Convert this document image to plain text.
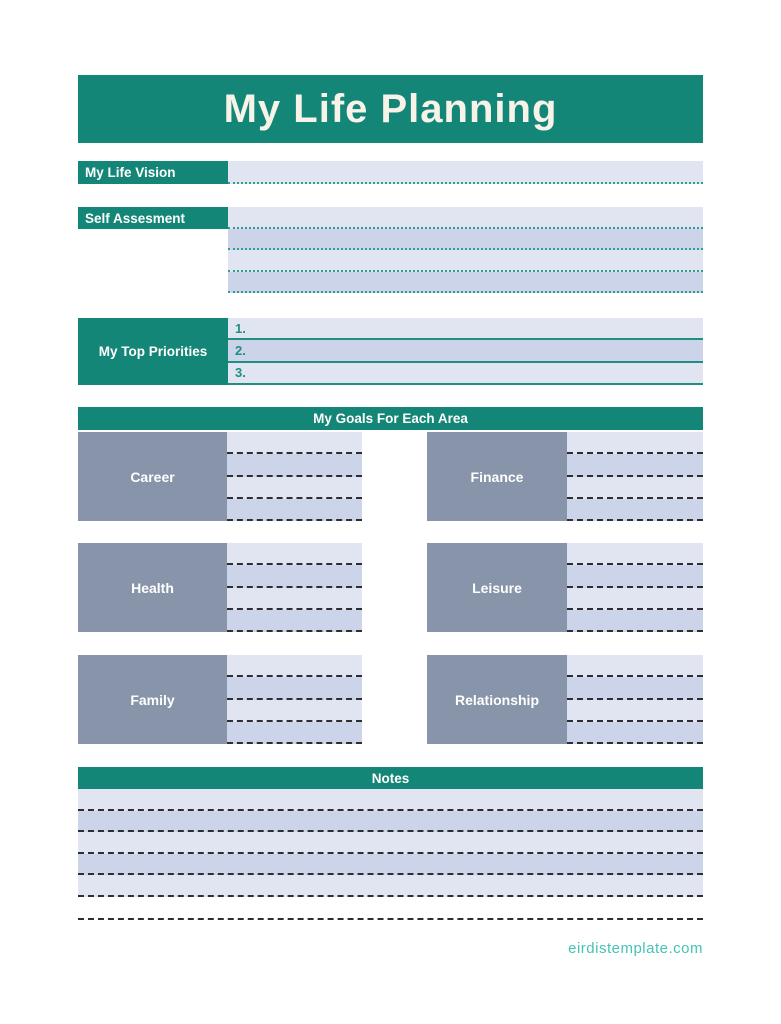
My Life Planning
My Life Vision
Self Assesment
My Top Priorities
1.
2.
3.
My Goals For Each Area
Career	Finance
Health	Leisure
Family	Relationship
Notes
eirdistemplate.com
